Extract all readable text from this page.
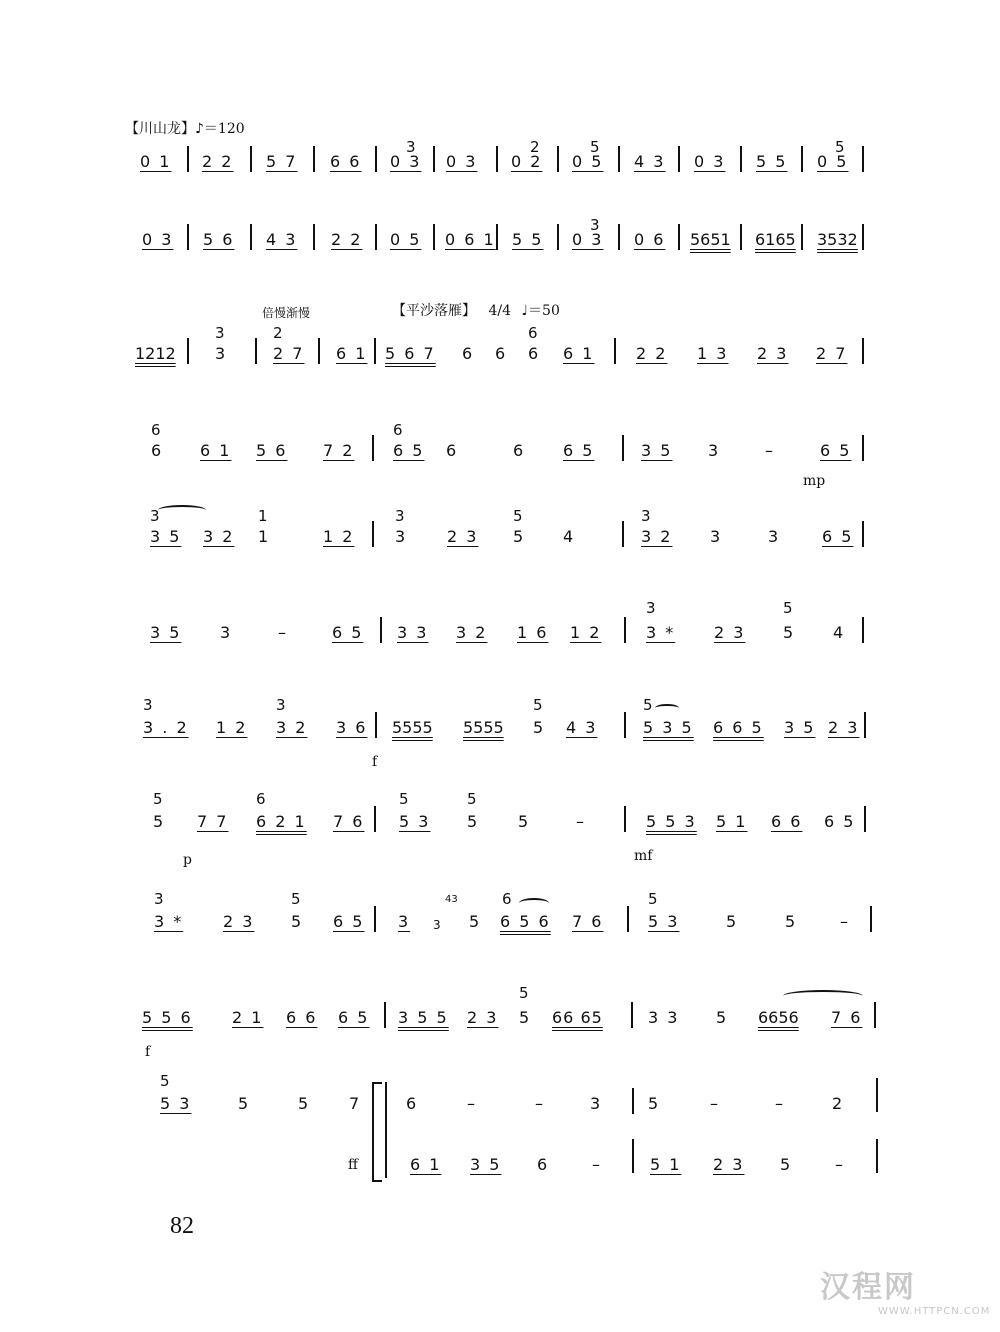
【川山龙】♪＝120
0 1 2 2 5 7 6 6
3
0 3 0 3
2
0 2
5
0 5 4 3 0 3 5 5
5
0 5
0 3 5 6 4 3 2 2 0 5 0 6 1 5 5
3
0 3 0 6 5651 6165 3532
倍慢渐慢	【平沙落雁】 4/4 ♩＝50
1212
3
3
2
2 7 6 1 5 6 7 6 6
6
6 6 1	2 2 1 3 2 3 2 7
6
6 6 1 5 6 7 2
6
6 5 6	6 6 5	3 5 3	–	6 5
mp
3
3 5 3 2
1
1	1 2
3
3 2 3
5
5 4
3
3 2 3	3	6 5
3 5 3	–	6 5 3 3 3 2 1 6 1 2
3
3 * 2 3
5
5 4
3
3 . 2 1 2
3
3 2 3 6 5555 5555
5
5 4 3
5
5 3 5 6 6 5 3 5 2 3
f
5
5 7 7
6
6 2 1 7 6
5
5 3
5
5 5	–	5 5 3 5 1 6 6 6 5
p	mf
3
3 * 2 3
5
5 6 5 3 3
43
5
6
6 5 6 7 6
5
5 3	5	5	–
5 5 6 2 1 6 6 6 5 3 5 5 2 3
5
5 66 65	3 3 5 6656 7 6
f
5
5 3	5	5 7	6	–	–	3	5	–	–	2
ff	6 1 3 5 6	–	5 1 2 3 5	–
82
汉程网
WWW.HTTPCN.COM
